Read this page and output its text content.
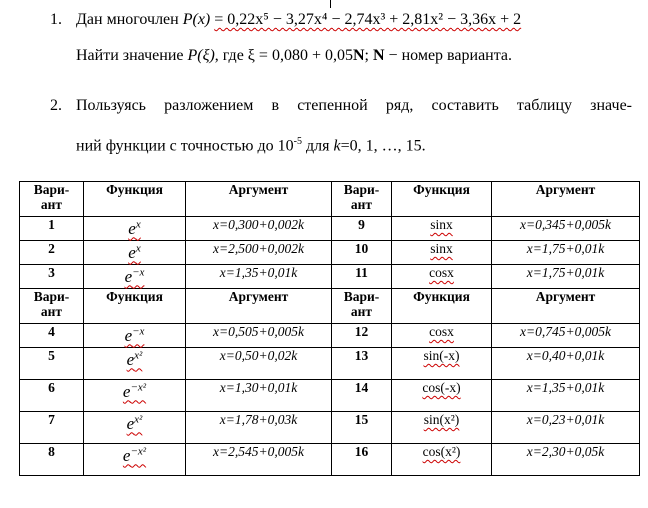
1. Дан многочлен P(x) = 0,22x⁵ − 3,27x⁴ − 2,74x³ + 2,81x² − 3,36x + 2
Найти значение P(ξ), где ξ = 0,080 + 0,05N; N − номер варианта.
2. Пользуясь разложением в степенной ряд, составить таблицу значе-
ний функции с точностью до $10^{-5}$ для k=0, 1, …, 15.
Вари-ант	Функция	Аргумент	Вари-ант	Функция	Аргумент
1	$e^x$	x=0,300+0,002k	9	sinx	x=0,345+0,005k
2	$e^x$	x=2,500+0,002k	10	sinx	x=1,75+0,01k
3	$e^{-x}$	x=1,35+0,01k	11	cosx	x=1,75+0,01k
Вари-ант	Функция	Аргумент	Вари-ант	Функция	Аргумент
4	$e^{-x}$	x=0,505+0,005k	12	cosx	x=0,745+0,005k
5	$e^{x^2}$	x=0,50+0,02k	13	sin(-x)	x=0,40+0,01k
6	$e^{-x^2}$	x=1,30+0,01k	14	cos(-x)	x=1,35+0,01k
7	$e^{x^2}$	x=1,78+0,03k	15	sin(x²)	x=0,23+0,01k
8	$e^{-x^2}$	x=2,545+0,005k	16	cos(x²)	x=2,30+0,05k
